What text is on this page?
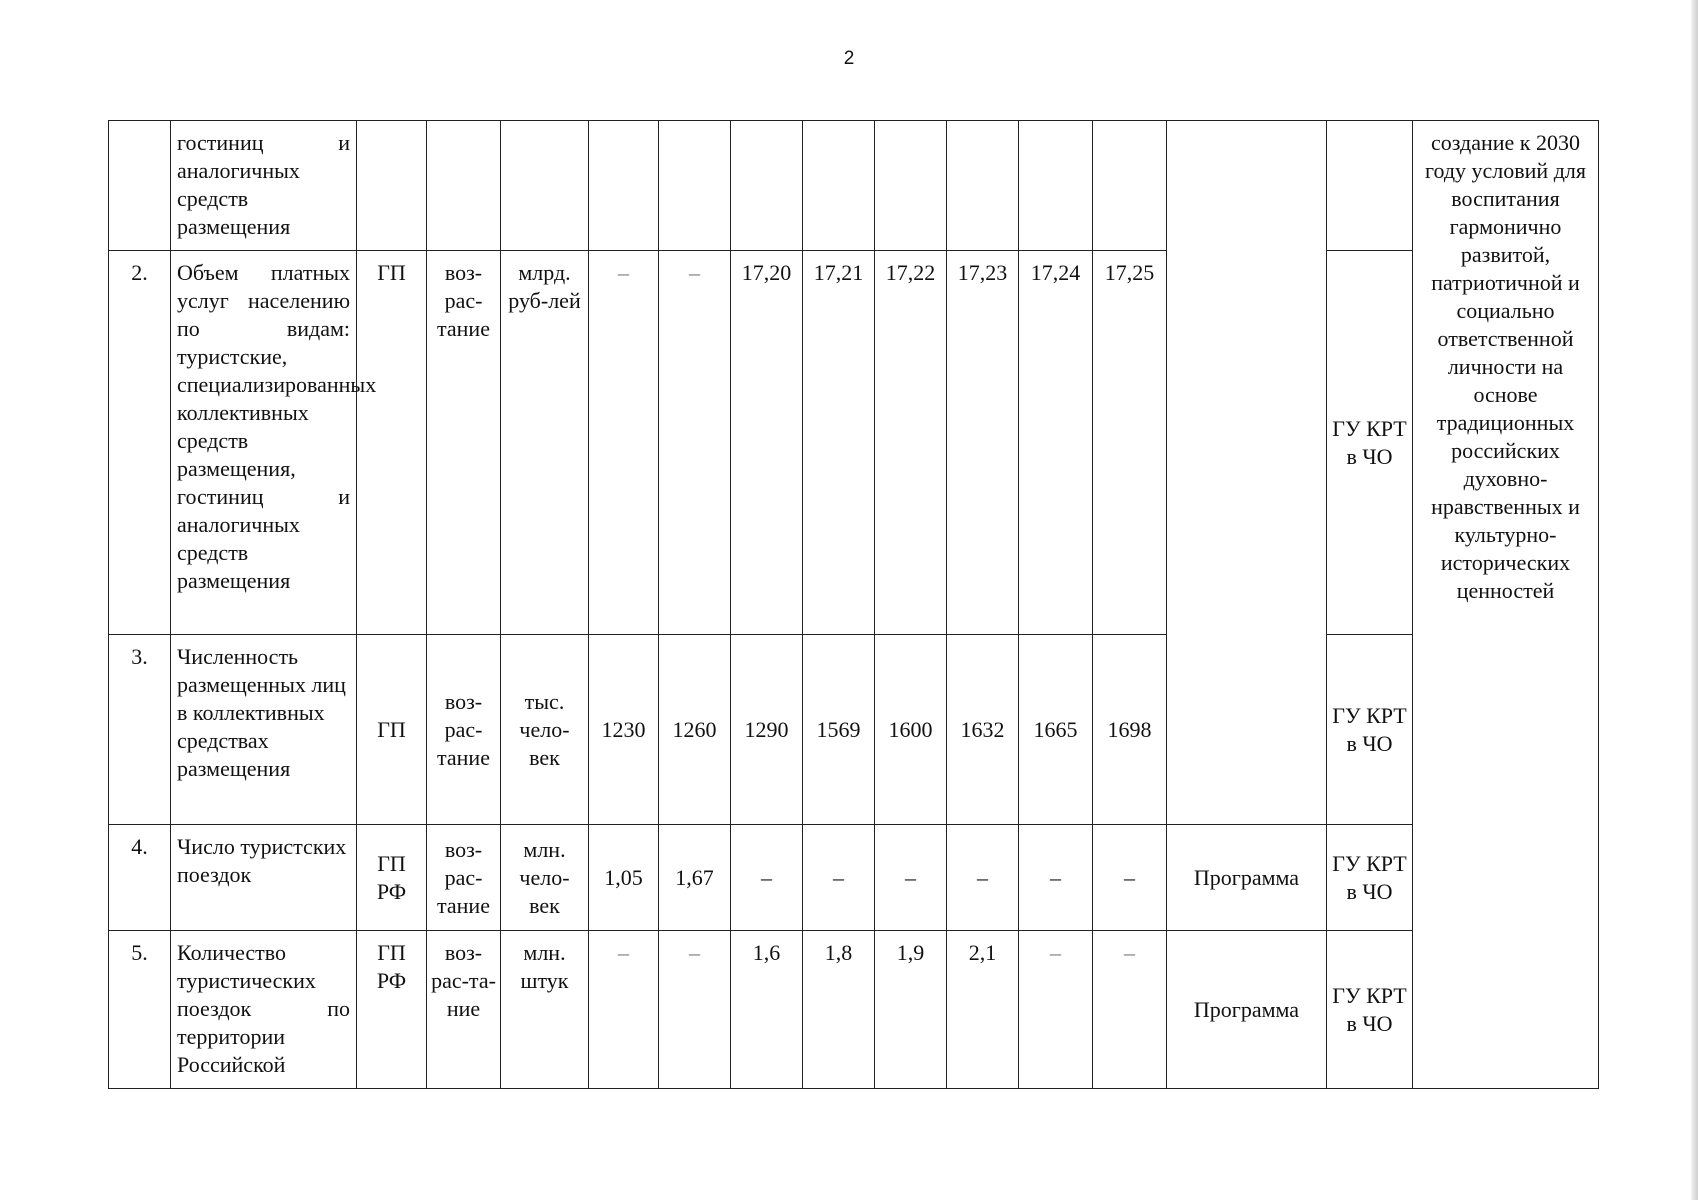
2
	гостиниц и аналогичных средств размещения														создание к 2030 году условий для воспитания гармонично развитой, патриотичной и социально ответственной личности на основе традиционных российских духовно-нравственных и культурно-исторических ценностей
2.	Объем платных услуг населению по видам: туристские, специализированных коллективных средств размещения, гостиниц и аналогичных средств размещения	ГП	воз-рас-тание	млрд. руб-лей	–	–	17,20	17,21	17,22	17,23	17,24	17,25		ГУ КРТ в ЧО	
3.	Численность размещенных лиц в коллективных средствах размещения	ГП	воз-рас-тание	тыс. чело-век	1230	1260	1290	1569	1600	1632	1665	1698		ГУ КРТ в ЧО	
4.	Число туристских поездок	ГП РФ	воз-рас-тание	млн. чело-век	1,05	1,67	–	–	–	–	–	–	Программа	ГУ КРТ в ЧО	
5.	Количество туристических поездок по территории Российской	ГП РФ	воз-рас-та-ние	млн. штук	–	–	1,6	1,8	1,9	2,1	–	–	Программа	ГУ КРТ в ЧО	
